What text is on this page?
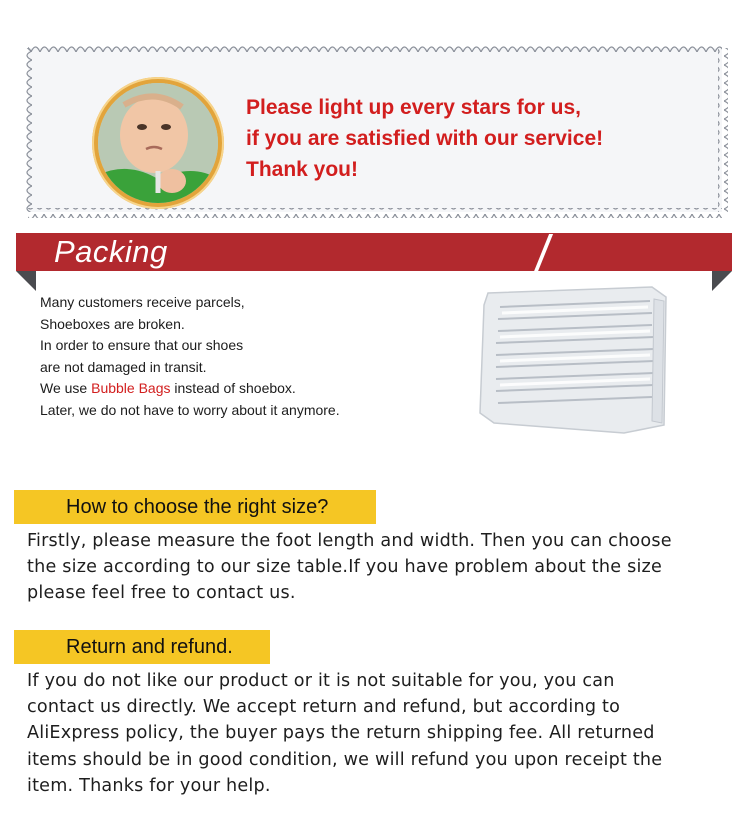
Please light up every stars for us,
if you are satisfied with our service!
Thank you!
Packing
Many customers receive parcels,
Shoeboxes are broken.
In order to ensure that our shoes
are not damaged in transit.
We use Bubble Bags instead of shoebox.
Later, we do not have to worry about it anymore.
How to choose the right size?
Firstly, please measure the foot length and width. Then you can choose
the size according to our size table.If you have problem about the size
please feel free to contact us.
Return and refund.
If you do not like our product or it is not suitable for you, you can
contact us directly. We accept return and refund, but according to
AliExpress policy, the buyer pays the return shipping fee. All returned
items should be in good condition, we will refund you upon receipt the
item. Thanks for your help.
